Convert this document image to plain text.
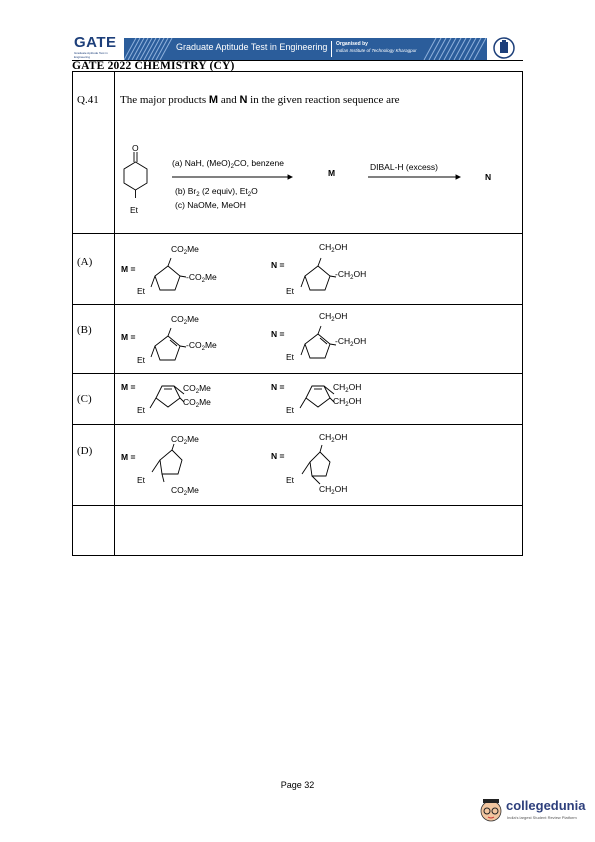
GATE
Graduate Aptitude Test in Engineering
Graduate Aptitude Test in Engineering Organised by
Indian Institute of Technology Kharagpur
GATE 2022 CHEMISTRY (CY)
Q.41 The major products M and N in the given reaction sequence are
O
Et
(a) NaH, $(MeO)_2CO$, benzene
(b) $Br_2$ (2 equiv), $Et_2O$
(c) NaOMe, MeOH
M
DIBAL-H (excess)
N
(A)
M =
$CO_2Me$
$-CO_2Me$
Et
N =
$CH_2OH$
$-CH_2OH$
Et
(B)
M =
$CO_2Me$
$-CO_2Me$
Et
N =
$CH_2OH$
$-CH_2OH$
Et
(C)
M =	$CO_2Me$
$CO_2Me$
Et
N =	$CH_2OH$
$CH_2OH$
Et
(D)	M =
$CO_2Me$
$CO_2Me$
Et
N =
$CH_2OH$
$CH_2OH$
Et
Page 32
collegedunia
India's largest Student Review Platform
